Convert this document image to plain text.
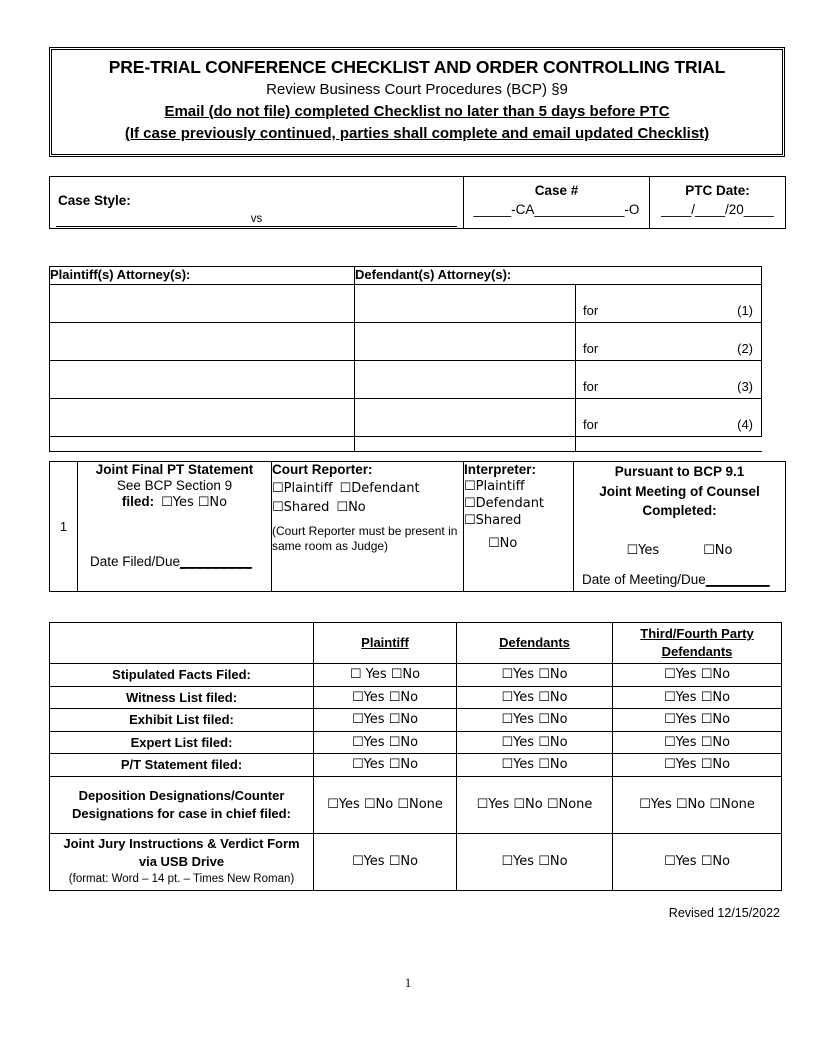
PRE-TRIAL CONFERENCE CHECKLIST AND ORDER CONTROLLING TRIAL
Review Business Court Procedures (BCP) §9
Email (do not file) completed Checklist no later than 5 days before PTC
(If case previously continued, parties shall complete and email updated Checklist)
Case Style:
vs

Case #
_____-CA____________-O

PTC Date:
____/____/20____
Plaintiff(s) Attorney(s):	Defendant(s) Attorney(s):	

		for (1)

		for (2)

		for (3)

		for (4)

1	
Joint Final PT Statement
See BCP Section 9
filed: ☐Yes ☐No
Date Filed/Due_________

Court Reporter:
☐Plaintiff ☐Defendant
☐Shared ☐No
(Court Reporter must be present in same room as Judge)

Interpreter:
☐Plaintiff
☐Defendant
☐Shared
☐No

Pursuant to BCP 9.1
Joint Meeting of Counsel
Completed:
☐Yes	☐No
Date of Meeting/Due________
	Plaintiff	Defendants	Third/Fourth Party
Defendants
Stipulated Facts Filed:	☐ Yes ☐No	☐Yes ☐No	☐Yes ☐No
Witness List filed:	☐Yes ☐No	☐Yes ☐No	☐Yes ☐No
Exhibit List filed:	☐Yes ☐No	☐Yes ☐No	☐Yes ☐No
Expert List filed:	☐Yes ☐No	☐Yes ☐No	☐Yes ☐No
P/T Statement filed:	☐Yes ☐No	☐Yes ☐No	☐Yes ☐No
Deposition Designations/Counter
Designations for case in chief filed:	☐Yes ☐No ☐None	☐Yes ☐No ☐None	☐Yes ☐No ☐None
Joint Jury Instructions & Verdict Form
via USB Drive
(format: Word – 14 pt. – Times New Roman)	☐Yes ☐No	☐Yes ☐No	☐Yes ☐No
Revised 12/15/2022
1
